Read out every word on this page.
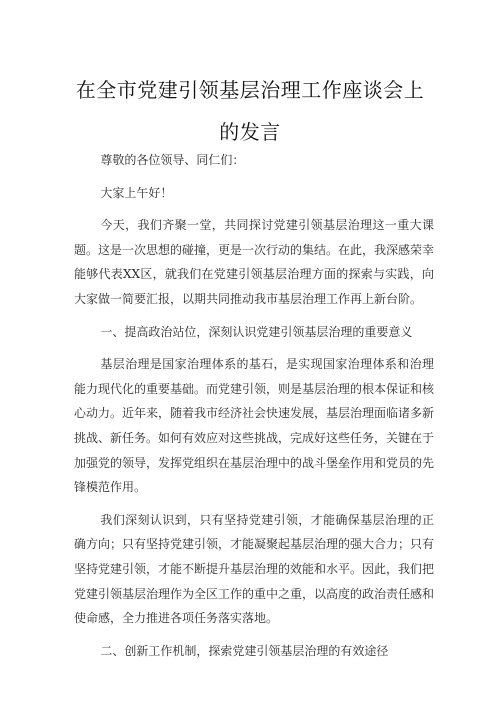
在全市党建引领基层治理工作座谈会上
的发言

尊敬的各位领导、同仁们：

大家上午好！

今天，我们齐聚一堂，共同探讨党建引领基层治理这一重大课题。这是一次思想的碰撞，更是一次行动的集结。在此，我深感荣幸能够代表XX区，就我们在党建引领基层治理方面的探索与实践，向大家做一简要汇报，以期共同推动我市基层治理工作再上新台阶。

一、提高政治站位，深刻认识党建引领基层治理的重要意义

基层治理是国家治理体系的基石，是实现国家治理体系和治理能力现代化的重要基础。而党建引领，则是基层治理的根本保证和核心动力。近年来，随着我市经济社会快速发展，基层治理面临诸多新挑战、新任务。如何有效应对这些挑战，完成好这些任务，关键在于加强党的领导，发挥党组织在基层治理中的战斗堡垒作用和党员的先锋模范作用。

我们深刻认识到，只有坚持党建引领，才能确保基层治理的正确方向；只有坚持党建引领，才能凝聚起基层治理的强大合力；只有坚持党建引领，才能不断提升基层治理的效能和水平。因此，我们把党建引领基层治理作为全区工作的重中之重，以高度的政治责任感和使命感，全力推进各项任务落实落地。

二、创新工作机制，探索党建引领基层治理的有效途径
